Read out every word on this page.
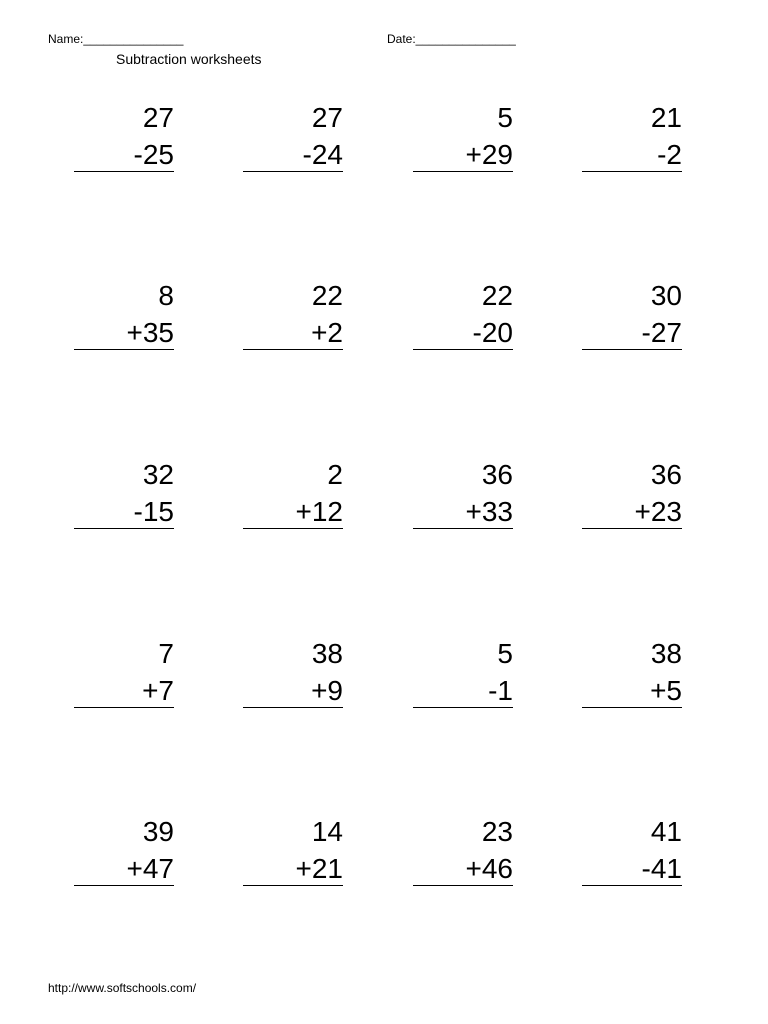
Name:_______________	Date:_______________
Subtraction worksheets
27
-25
27
-24
5
+29
21
-2
8
+35
22
+2
22
-20
30
-27
32
-15
2
+12
36
+33
36
+23
7
+7
38
+9
5
-1
38
+5
39
+47
14
+21
23
+46
41
-41
http://www.softschools.com/
